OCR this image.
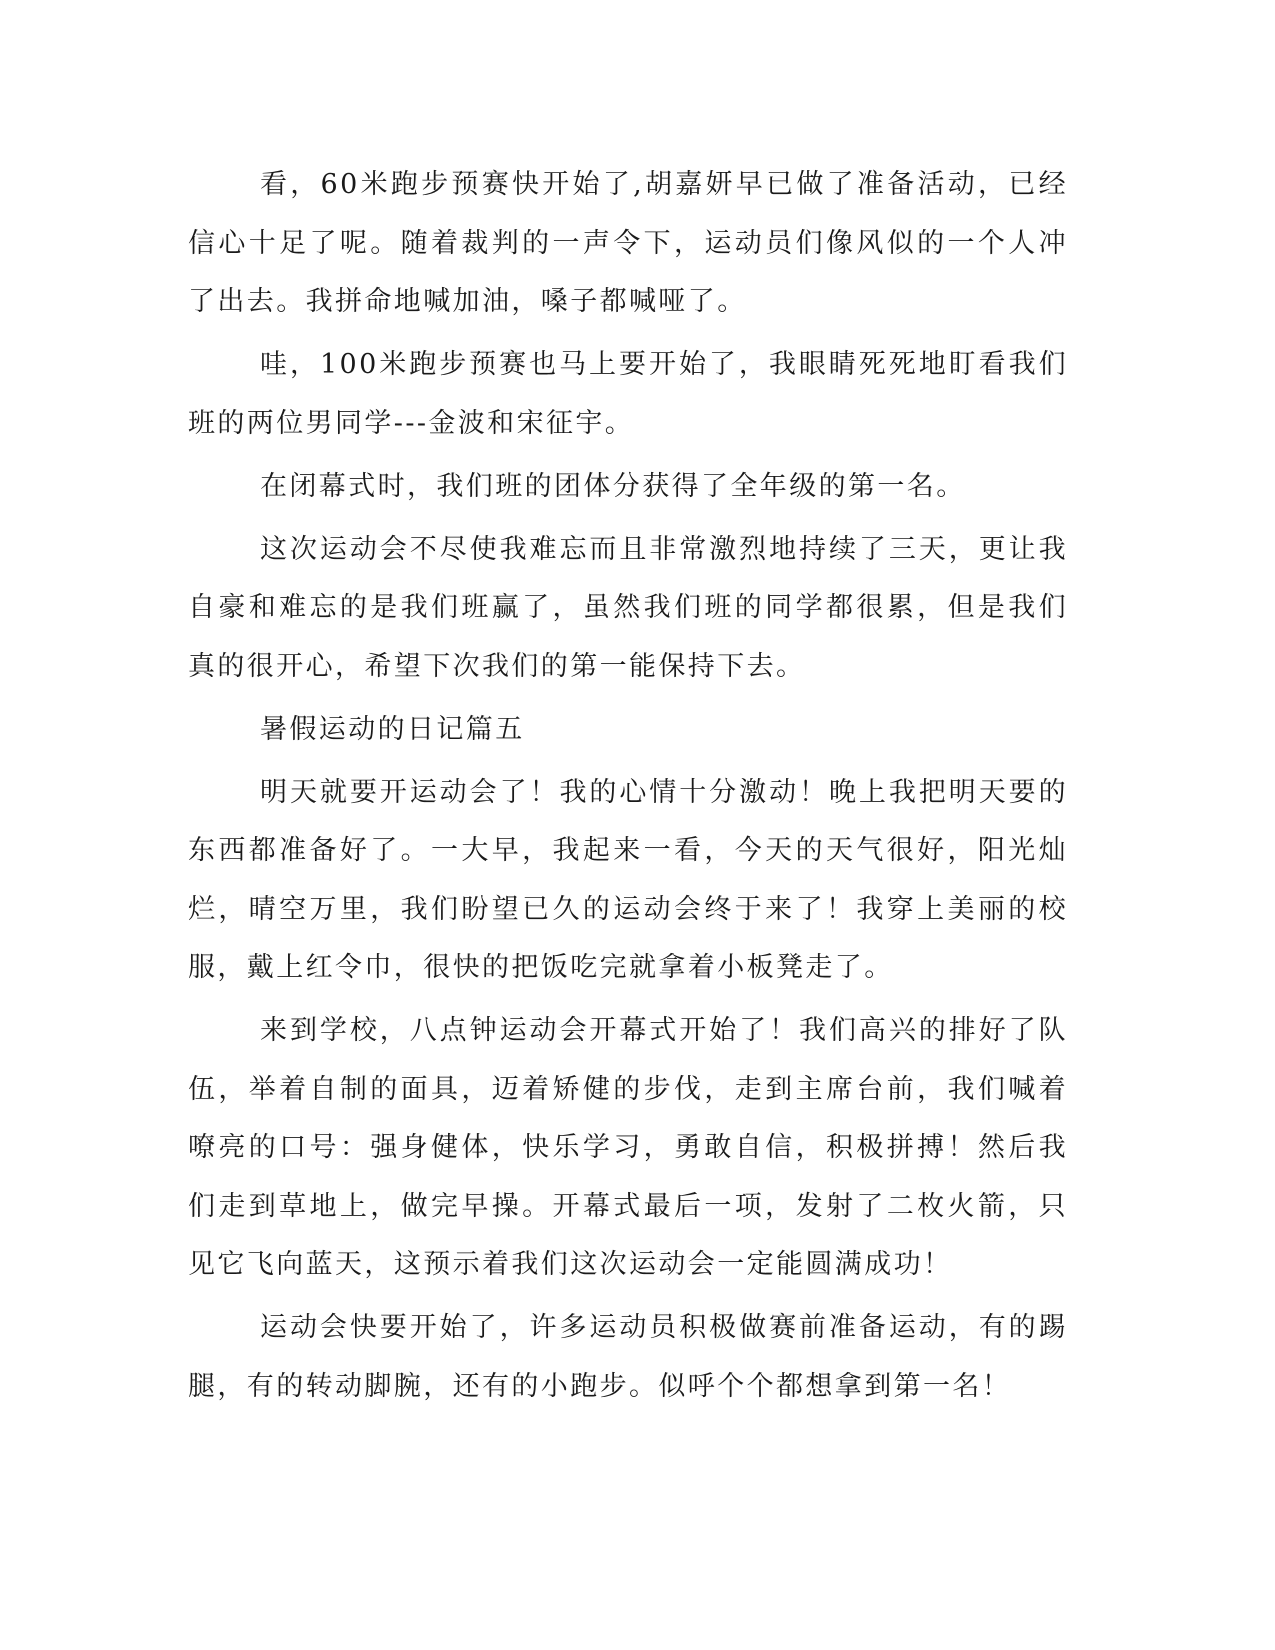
看，60米跑步预赛快开始了,胡嘉妍早已做了准备活动，已经信心十足了呢。随着裁判的一声令下，运动员们像风似的一个人冲了出去。我拼命地喊加油，嗓子都喊哑了。

哇，100米跑步预赛也马上要开始了，我眼睛死死地盯看我们班的两位男同学---金波和宋征宇。

在闭幕式时，我们班的团体分获得了全年级的第一名。

这次运动会不尽使我难忘而且非常激烈地持续了三天，更让我自豪和难忘的是我们班赢了，虽然我们班的同学都很累，但是我们真的很开心，希望下次我们的第一能保持下去。

暑假运动的日记篇五

明天就要开运动会了！我的心情十分激动！晚上我把明天要的东西都准备好了。一大早，我起来一看，今天的天气很好，阳光灿烂，晴空万里，我们盼望已久的运动会终于来了！我穿上美丽的校服，戴上红令巾，很快的把饭吃完就拿着小板凳走了。

来到学校，八点钟运动会开幕式开始了！我们高兴的排好了队伍，举着自制的面具，迈着矫健的步伐，走到主席台前，我们喊着嘹亮的口号：强身健体，快乐学习，勇敢自信，积极拼搏！然后我们走到草地上，做完早操。开幕式最后一项，发射了二枚火箭，只见它飞向蓝天，这预示着我们这次运动会一定能圆满成功！

运动会快要开始了，许多运动员积极做赛前准备运动，有的踢腿，有的转动脚腕，还有的小跑步。似呼个个都想拿到第一名！
